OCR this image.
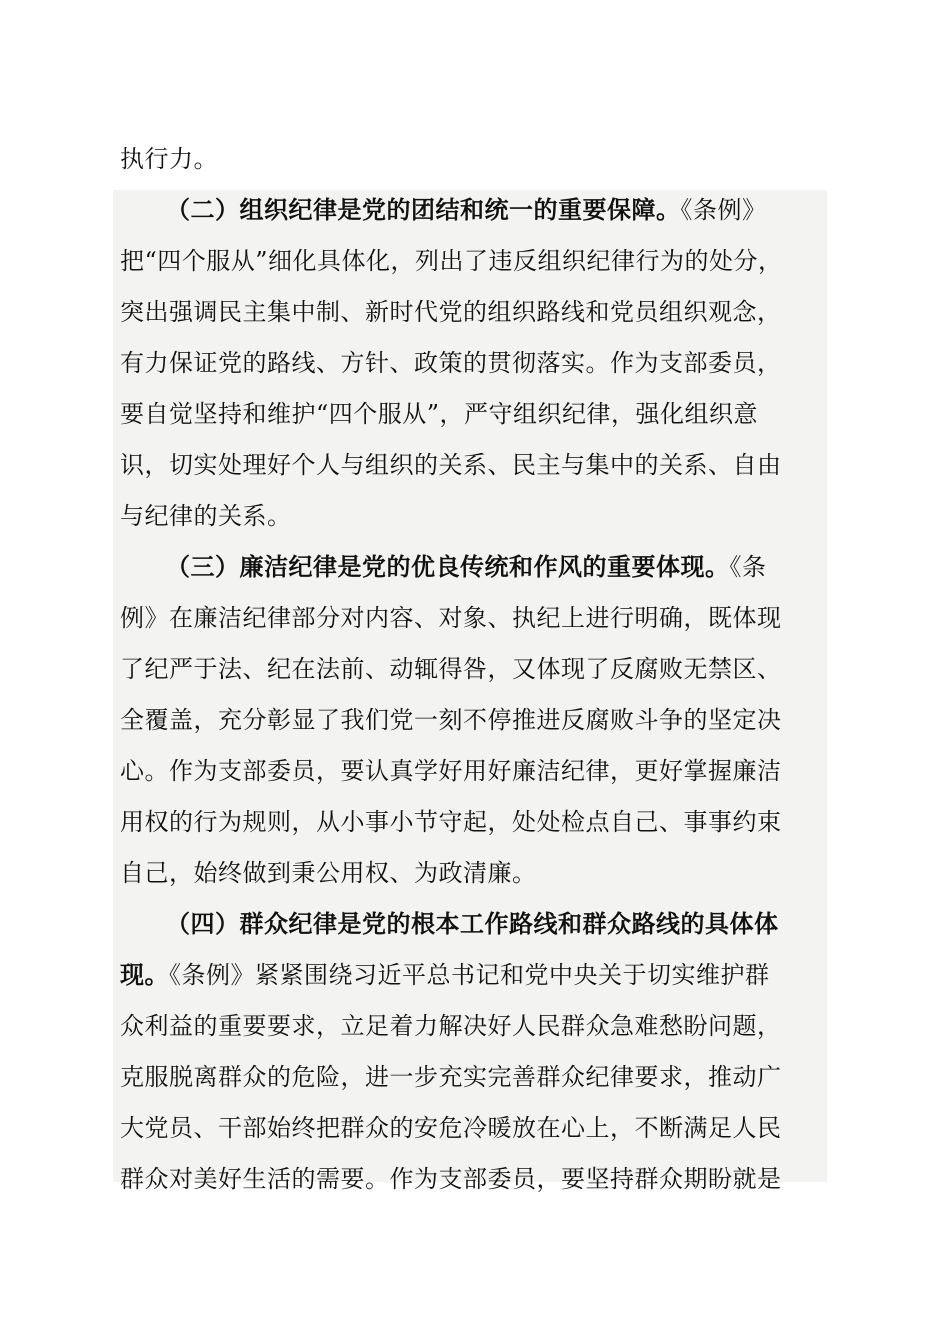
执行力。
（二）组织纪律是党的团结和统一的重要保障。《条例》
把“四个服从”细化具体化，列出了违反组织纪律行为的处分，
突出强调民主集中制、新时代党的组织路线和党员组织观念，
有力保证党的路线、方针、政策的贯彻落实。作为支部委员，
要自觉坚持和维护“四个服从”，严守组织纪律，强化组织意
识，切实处理好个人与组织的关系、民主与集中的关系、自由
与纪律的关系。
（三）廉洁纪律是党的优良传统和作风的重要体现。《条
例》在廉洁纪律部分对内容、对象、执纪上进行明确，既体现
了纪严于法、纪在法前、动辄得咎，又体现了反腐败无禁区、
全覆盖，充分彰显了我们党一刻不停推进反腐败斗争的坚定决
心。作为支部委员，要认真学好用好廉洁纪律，更好掌握廉洁
用权的行为规则，从小事小节守起，处处检点自己、事事约束
自己，始终做到秉公用权、为政清廉。
（四）群众纪律是党的根本工作路线和群众路线的具体体
现。《条例》紧紧围绕习近平总书记和党中央关于切实维护群
众利益的重要要求，立足着力解决好人民群众急难愁盼问题，
克服脱离群众的危险，进一步充实完善群众纪律要求，推动广
大党员、干部始终把群众的安危冷暖放在心上，不断满足人民
群众对美好生活的需要。作为支部委员，要坚持群众期盼就是
